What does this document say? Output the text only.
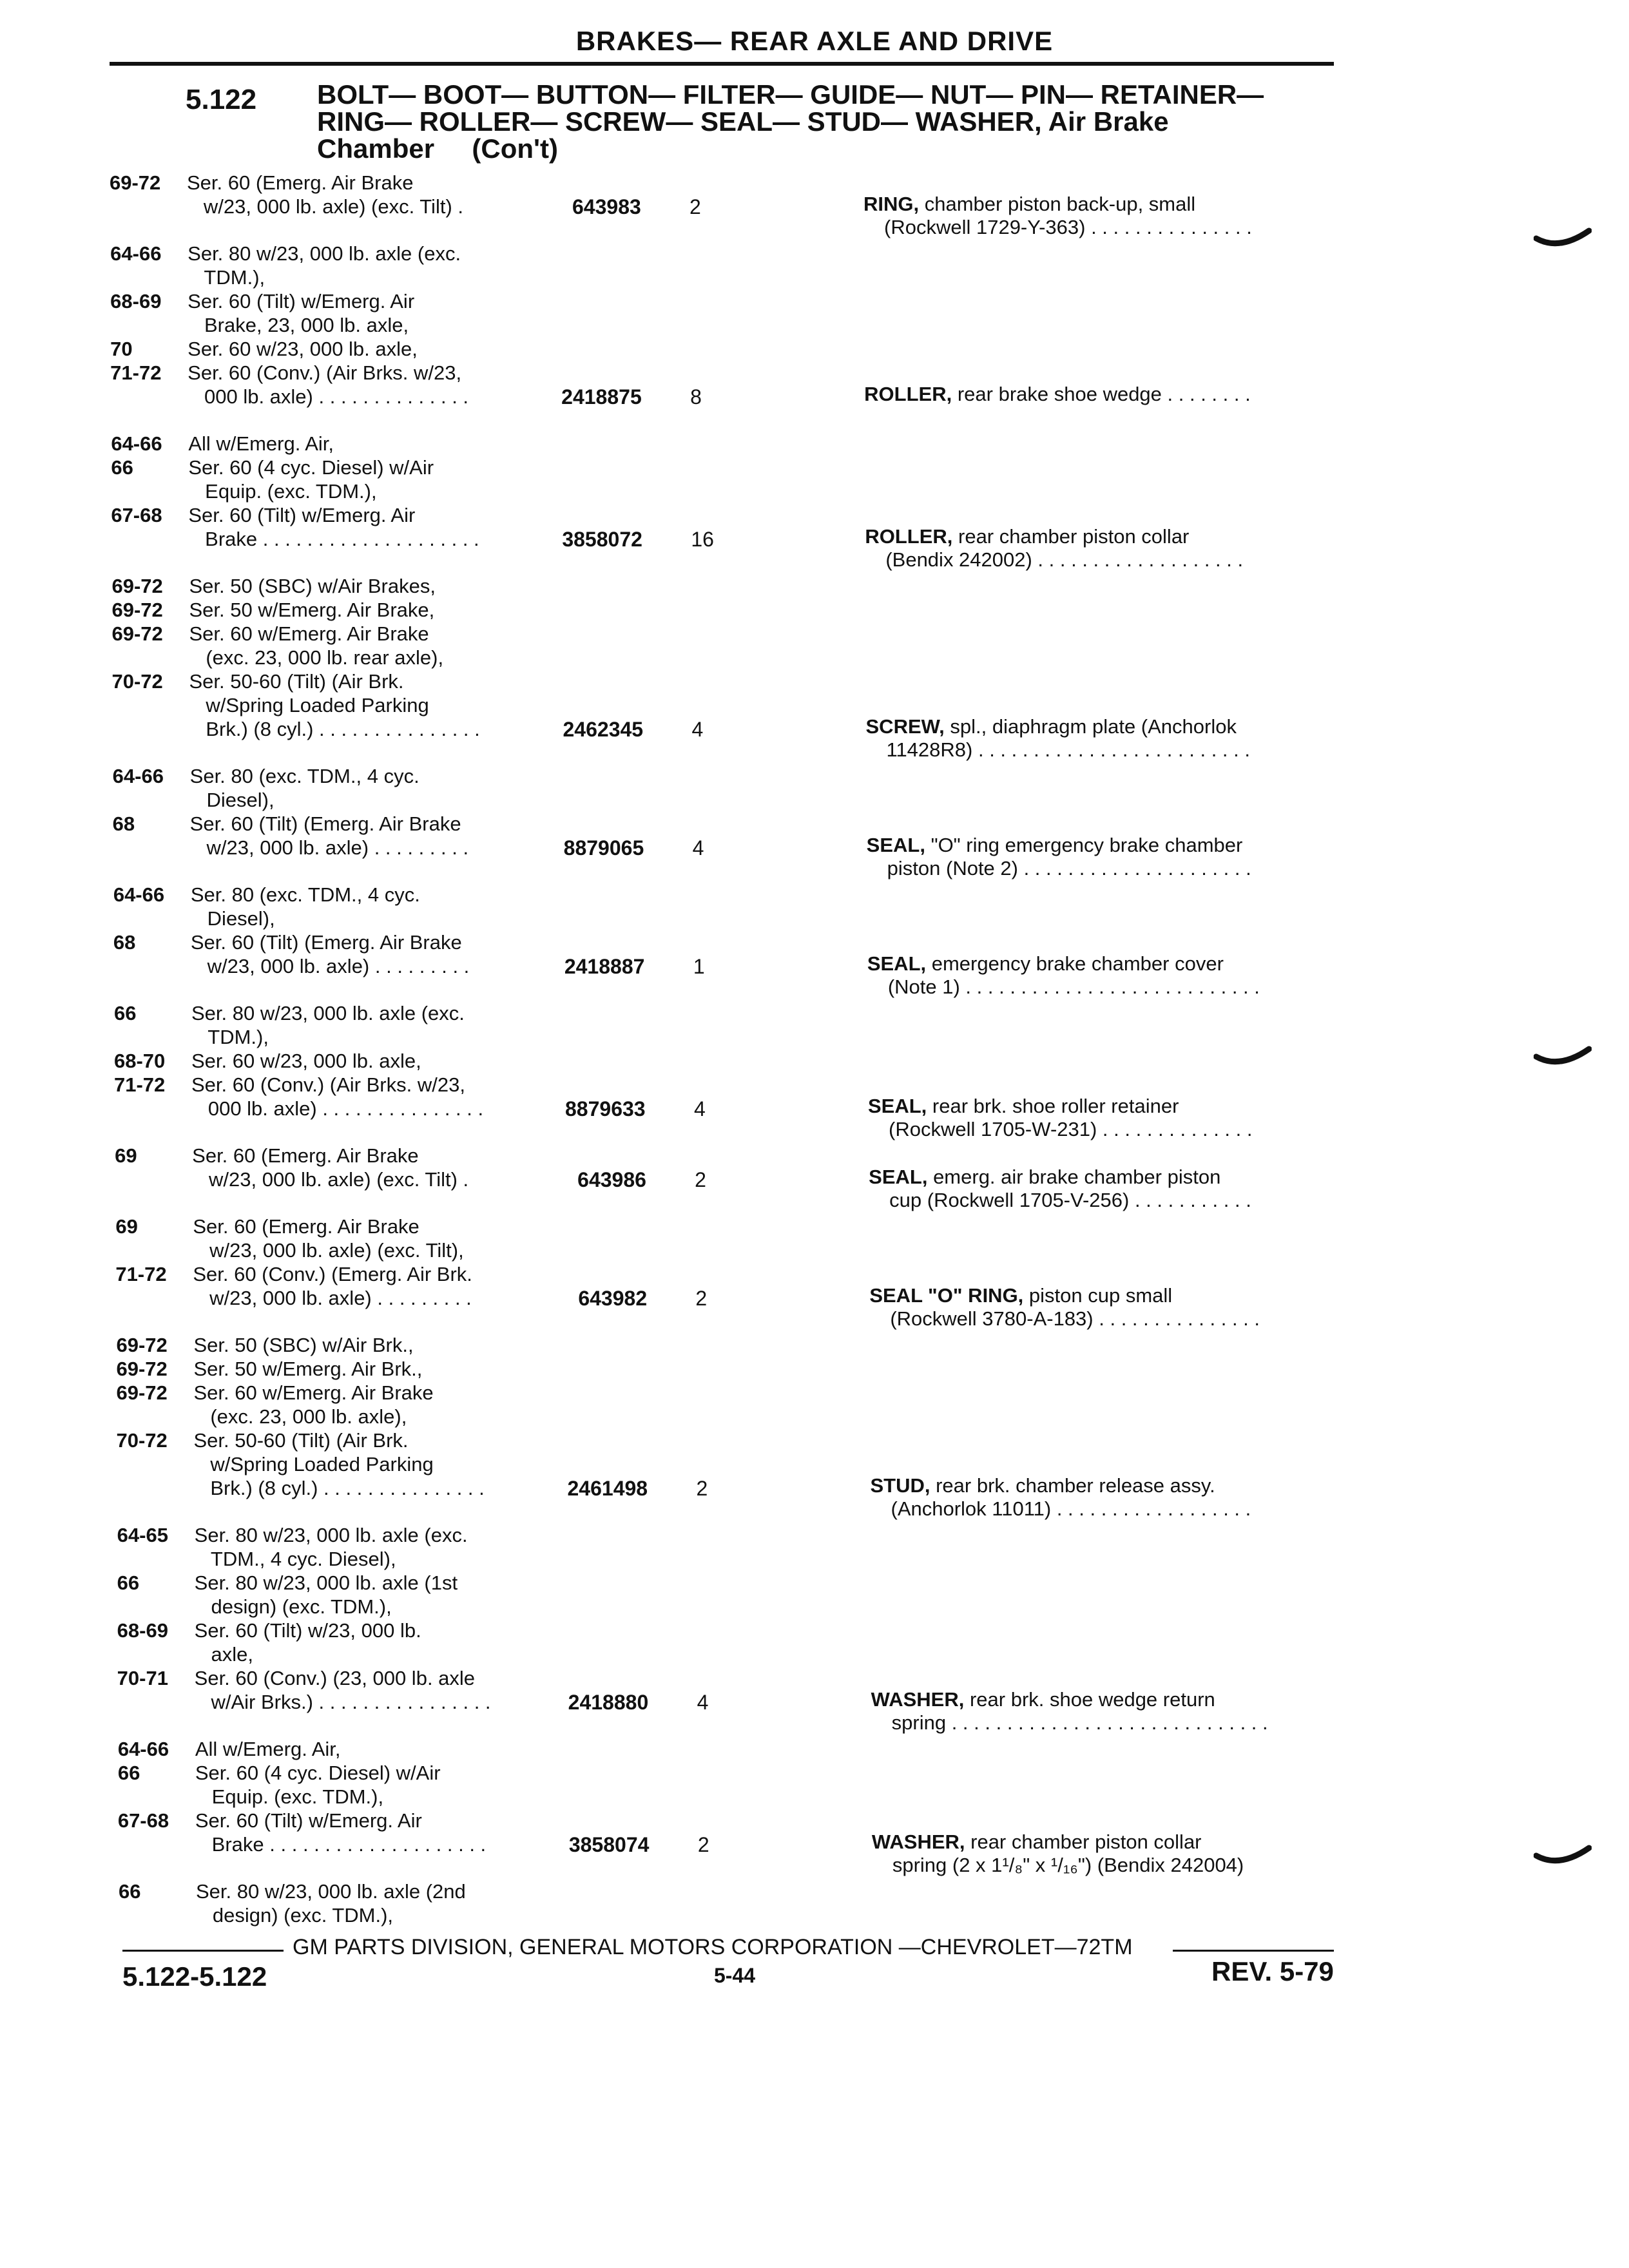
BRAKES— REAR AXLE AND DRIVE
5.122 BOLT— BOOT— BUTTON— FILTER— GUIDE— NUT— PIN— RETAINER—
RING— ROLLER— SCREW— SEAL— STUD— WASHER, Air Brake
Chamber     (Con't)
69-72 Ser. 60 (Emerg. Air Brake
w/23, 000 lb. axle) (exc. Tilt) .	643983 2	RING, chamber piston back-up, small
(Rockwell 1729-Y-363) . . . . . . . . . . . . . . .
64-66 Ser. 80 w/23, 000 lb. axle (exc.
TDM.),
68-69 Ser. 60 (Tilt) w/Emerg. Air
Brake, 23, 000 lb. axle,
70	Ser. 60 w/23, 000 lb. axle,
71-72 Ser. 60 (Conv.) (Air Brks. w/23,
000 lb. axle) . . . . . . . . . . . . . .	2418875 8	ROLLER, rear brake shoe wedge . . . . . . . .
64-66 All w/Emerg. Air,
66	Ser. 60 (4 cyc. Diesel) w/Air
Equip. (exc. TDM.),
67-68 Ser. 60 (Tilt) w/Emerg. Air
Brake . . . . . . . . . . . . . . . . . . . .	3858072 16	ROLLER, rear chamber piston collar
(Bendix 242002) . . . . . . . . . . . . . . . . . . .
69-72 Ser. 50 (SBC) w/Air Brakes,
69-72 Ser. 50 w/Emerg. Air Brake,
69-72 Ser. 60 w/Emerg. Air Brake
(exc. 23, 000 lb. rear axle),
70-72 Ser. 50-60 (Tilt) (Air Brk.
w/Spring Loaded Parking
Brk.) (8 cyl.) . . . . . . . . . . . . . . .	2462345 4	SCREW, spl., diaphragm plate (Anchorlok
11428R8) . . . . . . . . . . . . . . . . . . . . . . . . .
64-66 Ser. 80 (exc. TDM., 4 cyc.
Diesel),
68	Ser. 60 (Tilt) (Emerg. Air Brake
w/23, 000 lb. axle) . . . . . . . . .	8879065 4	SEAL, "O" ring emergency brake chamber
piston (Note 2) . . . . . . . . . . . . . . . . . . . . .
64-66 Ser. 80 (exc. TDM., 4 cyc.
Diesel),
68	Ser. 60 (Tilt) (Emerg. Air Brake
w/23, 000 lb. axle) . . . . . . . . .	2418887 1	SEAL, emergency brake chamber cover
(Note 1) . . . . . . . . . . . . . . . . . . . . . . . . . . .
66	Ser. 80 w/23, 000 lb. axle (exc.
TDM.),
68-70 Ser. 60 w/23, 000 lb. axle,
71-72 Ser. 60 (Conv.) (Air Brks. w/23,
000 lb. axle) . . . . . . . . . . . . . . .	8879633 4	SEAL, rear brk. shoe roller retainer
(Rockwell 1705-W-231) . . . . . . . . . . . . . .
69	Ser. 60 (Emerg. Air Brake
w/23, 000 lb. axle) (exc. Tilt) .	643986 2	SEAL, emerg. air brake chamber piston
cup (Rockwell 1705-V-256) . . . . . . . . . . .
69	Ser. 60 (Emerg. Air Brake
w/23, 000 lb. axle) (exc. Tilt),
71-72 Ser. 60 (Conv.) (Emerg. Air Brk.
w/23, 000 lb. axle) . . . . . . . . .	643982 2	SEAL "O" RING, piston cup small
(Rockwell 3780-A-183) . . . . . . . . . . . . . . .
69-72 Ser. 50 (SBC) w/Air Brk.,
69-72 Ser. 50 w/Emerg. Air Brk.,
69-72 Ser. 60 w/Emerg. Air Brake
(exc. 23, 000 lb. axle),
70-72 Ser. 50-60 (Tilt) (Air Brk.
w/Spring Loaded Parking
Brk.) (8 cyl.) . . . . . . . . . . . . . . .	2461498 2	STUD, rear brk. chamber release assy.
(Anchorlok 11011) . . . . . . . . . . . . . . . . . .
64-65 Ser. 80 w/23, 000 lb. axle (exc.
TDM., 4 cyc. Diesel),
66	Ser. 80 w/23, 000 lb. axle (1st
design) (exc. TDM.),
68-69 Ser. 60 (Tilt) w/23, 000 lb.
axle,
70-71 Ser. 60 (Conv.) (23, 000 lb. axle
w/Air Brks.) . . . . . . . . . . . . . . . .	2418880 4	WASHER, rear brk. shoe wedge return
spring . . . . . . . . . . . . . . . . . . . . . . . . . . . . .
64-66 All w/Emerg. Air,
66	Ser. 60 (4 cyc. Diesel) w/Air
Equip. (exc. TDM.),
67-68 Ser. 60 (Tilt) w/Emerg. Air
Brake . . . . . . . . . . . . . . . . . . . .	3858074 2	WASHER, rear chamber piston collar
spring (2 x 1¹/₈" x ¹/₁₆") (Bendix 242004)
66	Ser. 80 w/23, 000 lb. axle (2nd
design) (exc. TDM.),
GM PARTS DIVISION, GENERAL MOTORS CORPORATION —CHEVROLET—72TM
5.122-5.122	5-44	REV. 5-79
